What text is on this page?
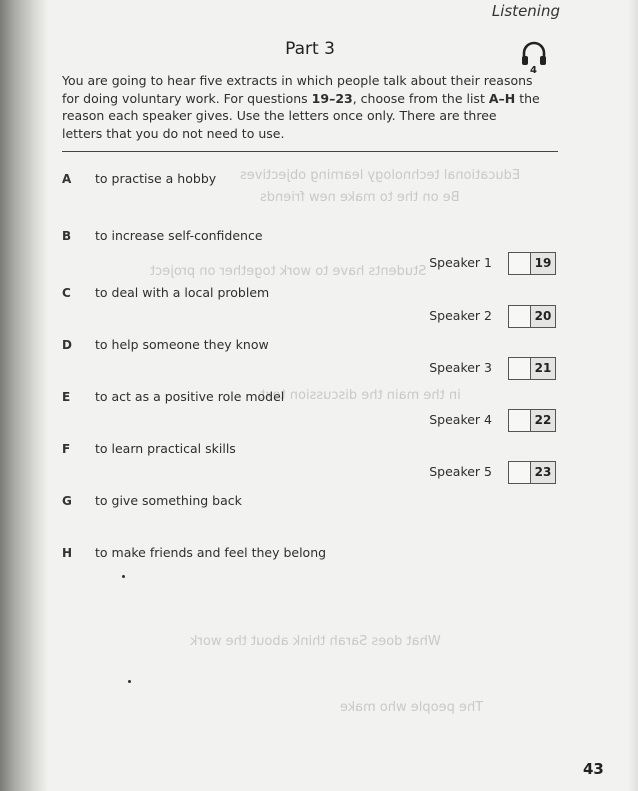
Educational technology learning objectives
Be on the to make new friends
Students have to work together on project
in the main the discussion text
What does Sarah think about the work
The people who make
Listening
Part 3
4
You are going to hear five extracts in which people talk about their reasons for doing voluntary work. For questions 19–23, choose from the list A–H the reason each speaker gives. Use the letters once only. There are three letters that you do not need to use.
A to practise a hobby
B to increase self-confidence
C to deal with a local problem
D to help someone they know
E to act as a positive role model
F to learn practical skills
G to give something back
H to make friends and feel they belong
Speaker 1	19
Speaker 2	20
Speaker 3	21
Speaker 4	22
Speaker 5	23
43
